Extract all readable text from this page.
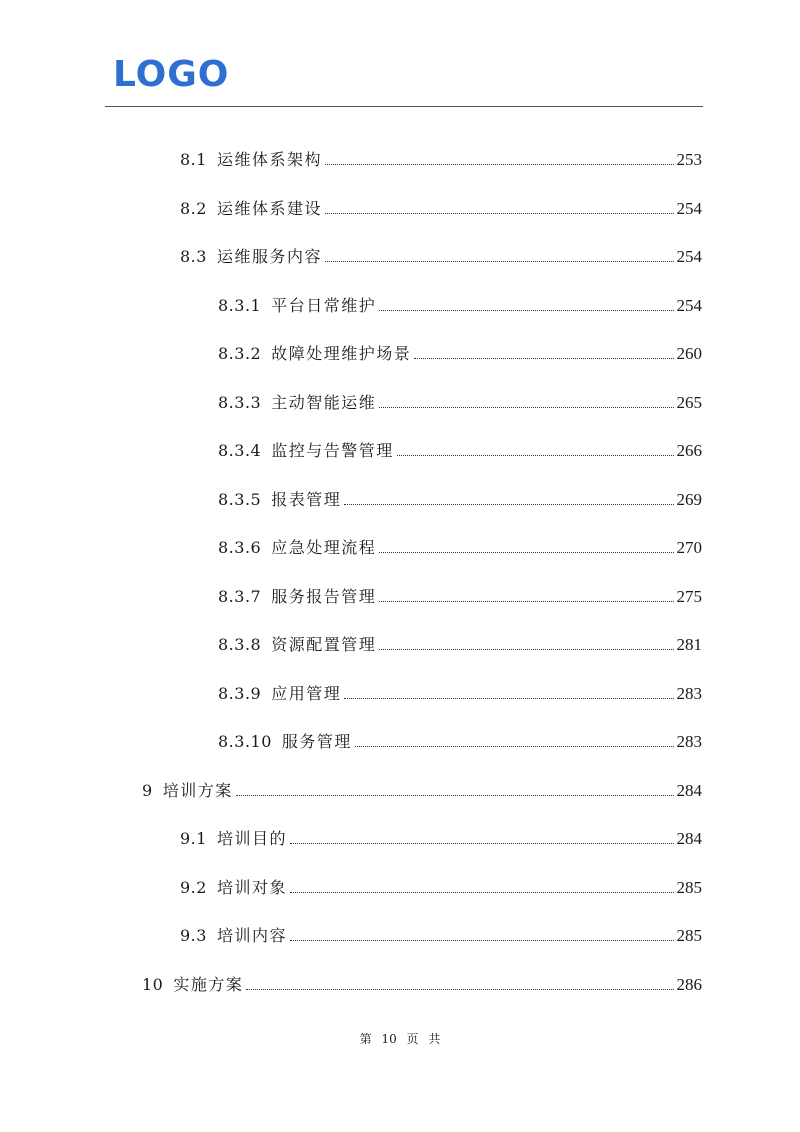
LOGO
8.1 运维体系架构	253
8.2 运维体系建设	254
8.3 运维服务内容	254
8.3.1 平台日常维护	254
8.3.2 故障处理维护场景	260
8.3.3 主动智能运维	265
8.3.4 监控与告警管理	266
8.3.5 报表管理	269
8.3.6 应急处理流程	270
8.3.7 服务报告管理	275
8.3.8 资源配置管理	281
8.3.9 应用管理	283
8.3.10 服务管理	283
9 培训方案	284
9.1 培训目的	284
9.2 培训对象	285
9.3 培训内容	285
10 实施方案	286
第 10 页 共
